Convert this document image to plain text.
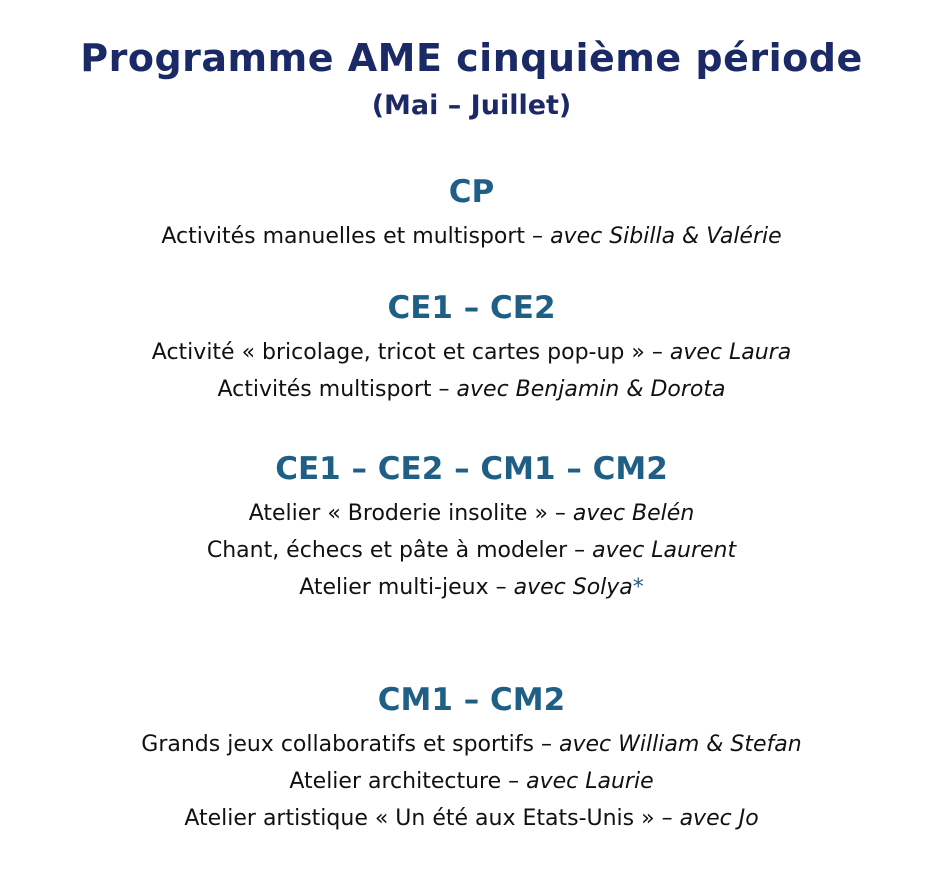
Programme AME cinquième période
(Mai – Juillet)
CP

Activités manuelles et multisport – avec Sibilla & Valérie

CE1 – CE2

Activité « bricolage, tricot et cartes pop-up » – avec Laura

Activités multisport – avec Benjamin & Dorota

CE1 – CE2 – CM1 – CM2

Atelier « Broderie insolite » – avec Belén

Chant, échecs et pâte à modeler – avec Laurent

Atelier multi-jeux – avec Solya*

CM1 – CM2

Grands jeux collaboratifs et sportifs – avec William & Stefan

Atelier architecture – avec Laurie

Atelier artistique « Un été aux Etats-Unis » – avec Jo
